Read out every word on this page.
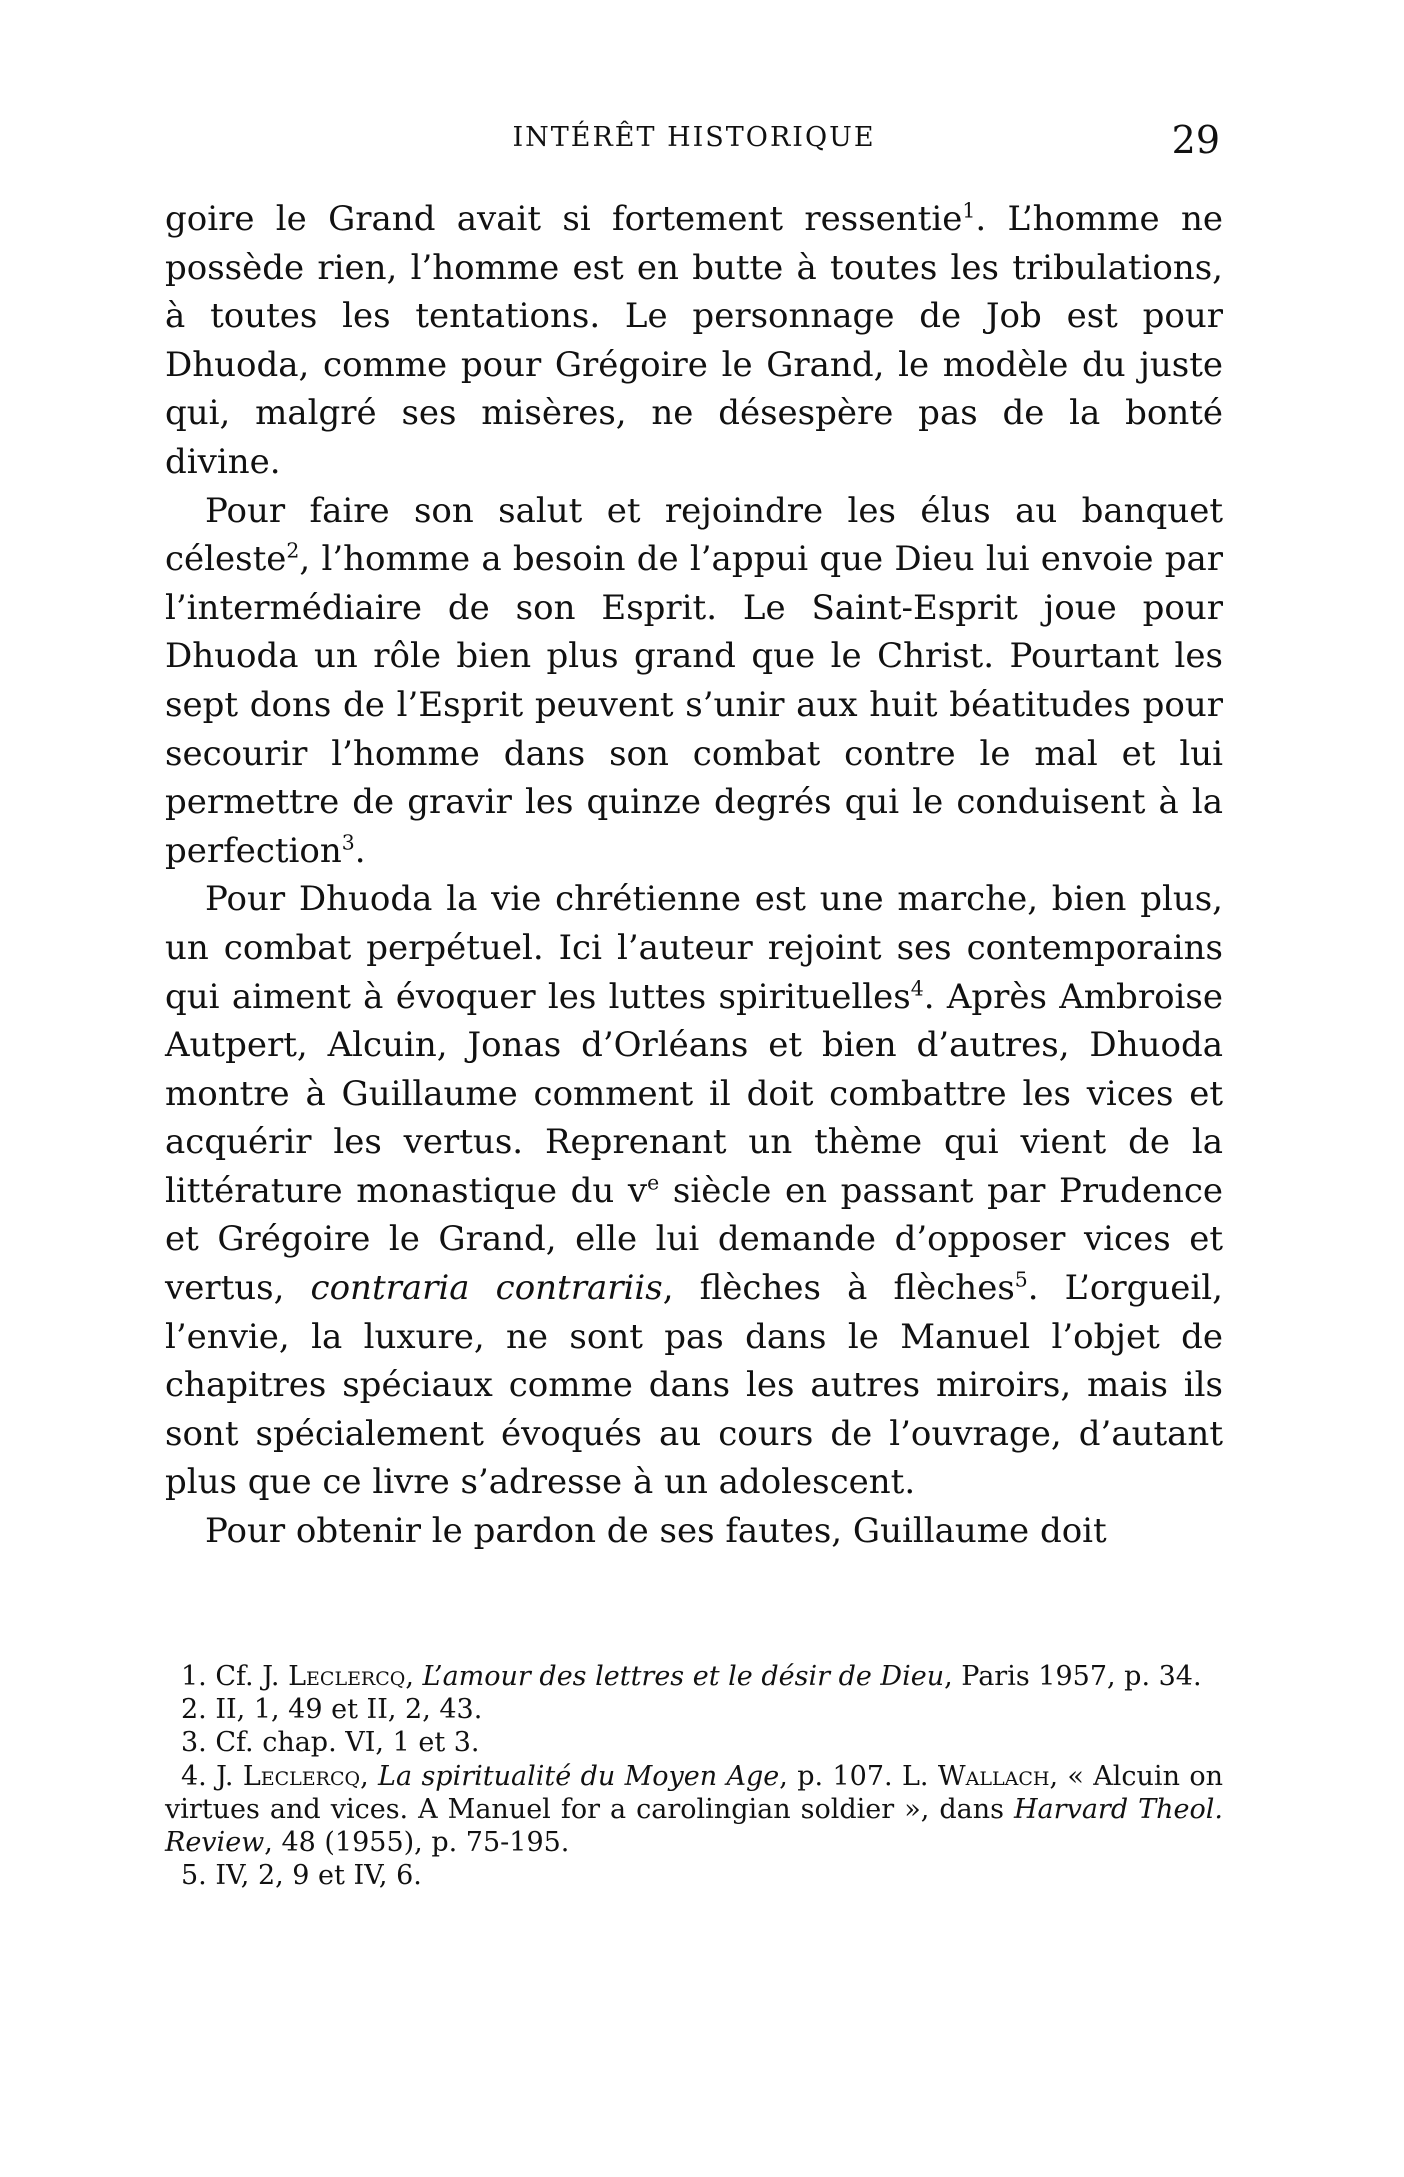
INTÉRÊT HISTORIQUE	29

goire le Grand avait si fortement ressentie$^1$. L’homme ne possède rien, l’homme est en butte à toutes les tribulations, à toutes les tentations. Le personnage de Job est pour Dhuoda, comme pour Grégoire le Grand, le modèle du juste qui, malgré ses misères, ne désespère pas de la bonté divine.

Pour faire son salut et rejoindre les élus au banquet céleste$^2$, l’homme a besoin de l’appui que Dieu lui envoie par l’intermédiaire de son Esprit. Le Saint-Esprit joue pour Dhuoda un rôle bien plus grand que le Christ. Pourtant les sept dons de l’Esprit peuvent s’unir aux huit béatitudes pour secourir l’homme dans son combat contre le mal et lui permettre de gravir les quinze degrés qui le conduisent à la perfection$^3$.

Pour Dhuoda la vie chrétienne est une marche, bien plus, un combat perpétuel. Ici l’auteur rejoint ses contemporains qui aiment à évoquer les luttes spirituelles$^4$. Après Ambroise Autpert, Alcuin, Jonas d’Orléans et bien d’autres, Dhuoda montre à Guillaume comment il doit combattre les vices et acquérir les vertus. Reprenant un thème qui vient de la littérature monastique du $v^e$ siècle en passant par Prudence et Grégoire le Grand, elle lui demande d’opposer vices et vertus, contraria contrariis, flèches à flèches$^5$. L’orgueil, l’envie, la luxure, ne sont pas dans le Manuel l’objet de chapitres spéciaux comme dans les autres miroirs, mais ils sont spécialement évoqués au cours de l’ouvrage, d’autant plus que ce livre s’adresse à un adolescent.

Pour obtenir le pardon de ses fautes, Guillaume doit

1. Cf. J. Leclercq, L’amour des lettres et le désir de Dieu, Paris 1957, p. 34.

2. II, 1, 49 et II, 2, 43.

3. Cf. chap. VI, 1 et 3.

4. J. Leclercq, La spiritualité du Moyen Age, p. 107. L. Wallach, « Alcuin on virtues and vices. A Manuel for a carolingian soldier », dans Harvard Theol. Review, 48 (1955), p. 75-195.

5. IV, 2, 9 et IV, 6.
